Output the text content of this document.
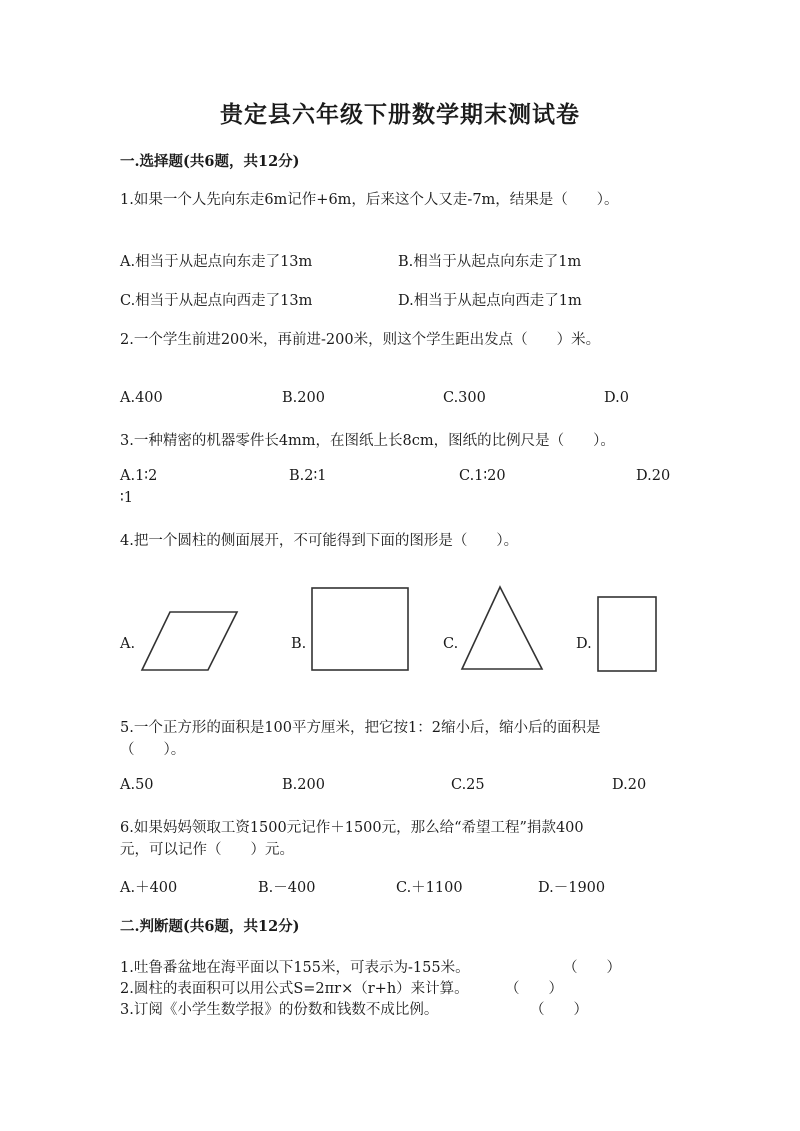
贵定县六年级下册数学期末测试卷
一.选择题(共6题，共12分)
1.如果一个人先向东走6m记作+6m，后来这个人又走-7m，结果是（　　）。
A.相当于从起点向东走了13m	B.相当于从起点向东走了1m
C.相当于从起点向西走了13m	D.相当于从起点向西走了1m
2.一个学生前进200米，再前进-200米，则这个学生距出发点（　　）米。
A.400	B.200	C.300	D.0
3.一种精密的机器零件长4mm，在图纸上长8cm，图纸的比例尺是（　　）。
A.1∶2	B.2∶1	C.1∶20	D.20
∶1
4.把一个圆柱的侧面展开，不可能得到下面的图形是（　　）。
A.	B.	C.	D.
5.一个正方形的面积是100平方厘米，把它按1：2缩小后，缩小后的面积是
（　　）。
A.50	B.200	C.25	D.20
6.如果妈妈领取工资1500元记作＋1500元，那么给“希望工程”捐款400
元，可以记作（　　）元。
A.＋400	B.－400	C.＋1100	D.－1900
二.判断题(共6题，共12分)
1.吐鲁番盆地在海平面以下155米，可表示为-155米。	（　　）
2.圆柱的表面积可以用公式S=2πr×（r+h）来计算。	（　　）
3.订阅《小学生数学报》的份数和钱数不成比例。	（　　）
